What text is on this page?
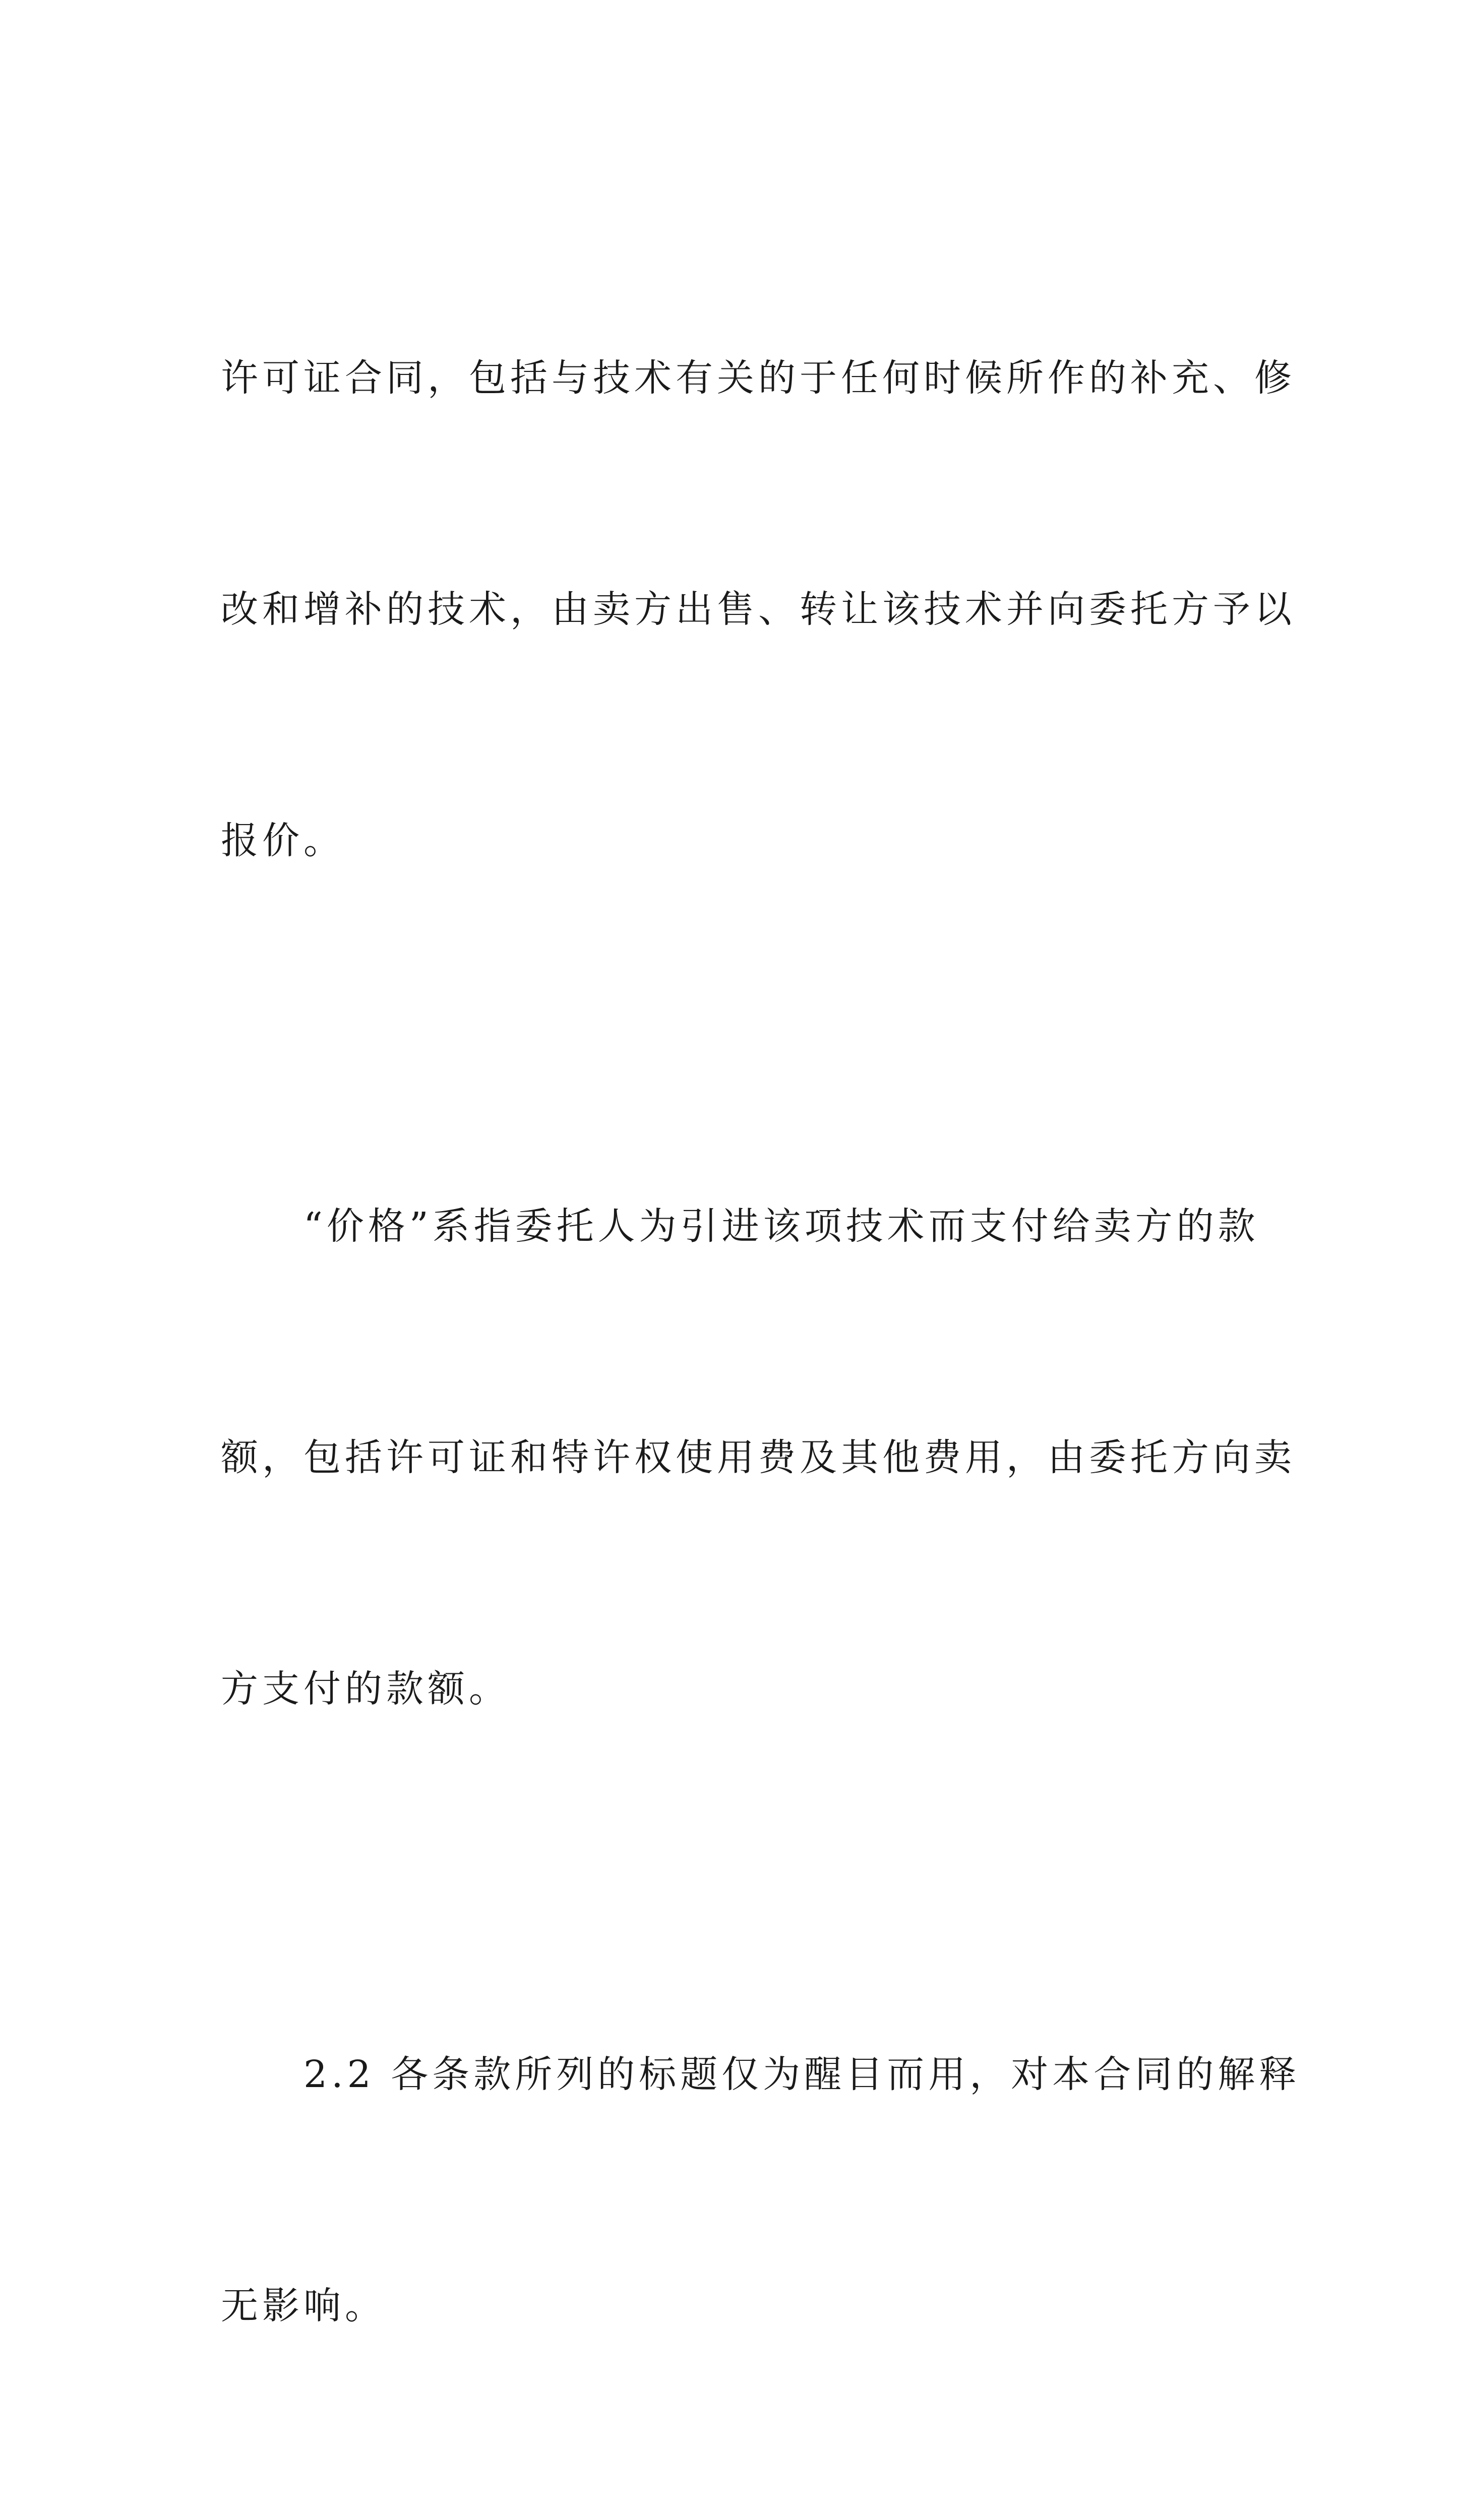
许可证合同，包括与技术有关的于任何时候所作的补充、修

改和增补的技术，由卖方出售、转让该技术并向委托方予以

报价。

　　“价格”系指委托人为引进该项技术而支付给卖方的款

额，包括许可证和特许权使用费及其他费用，由委托方向卖

方支付的款额。

　　2.2 各条款所列的标题仅为醒目而用，对本合同的解释

无影响。
